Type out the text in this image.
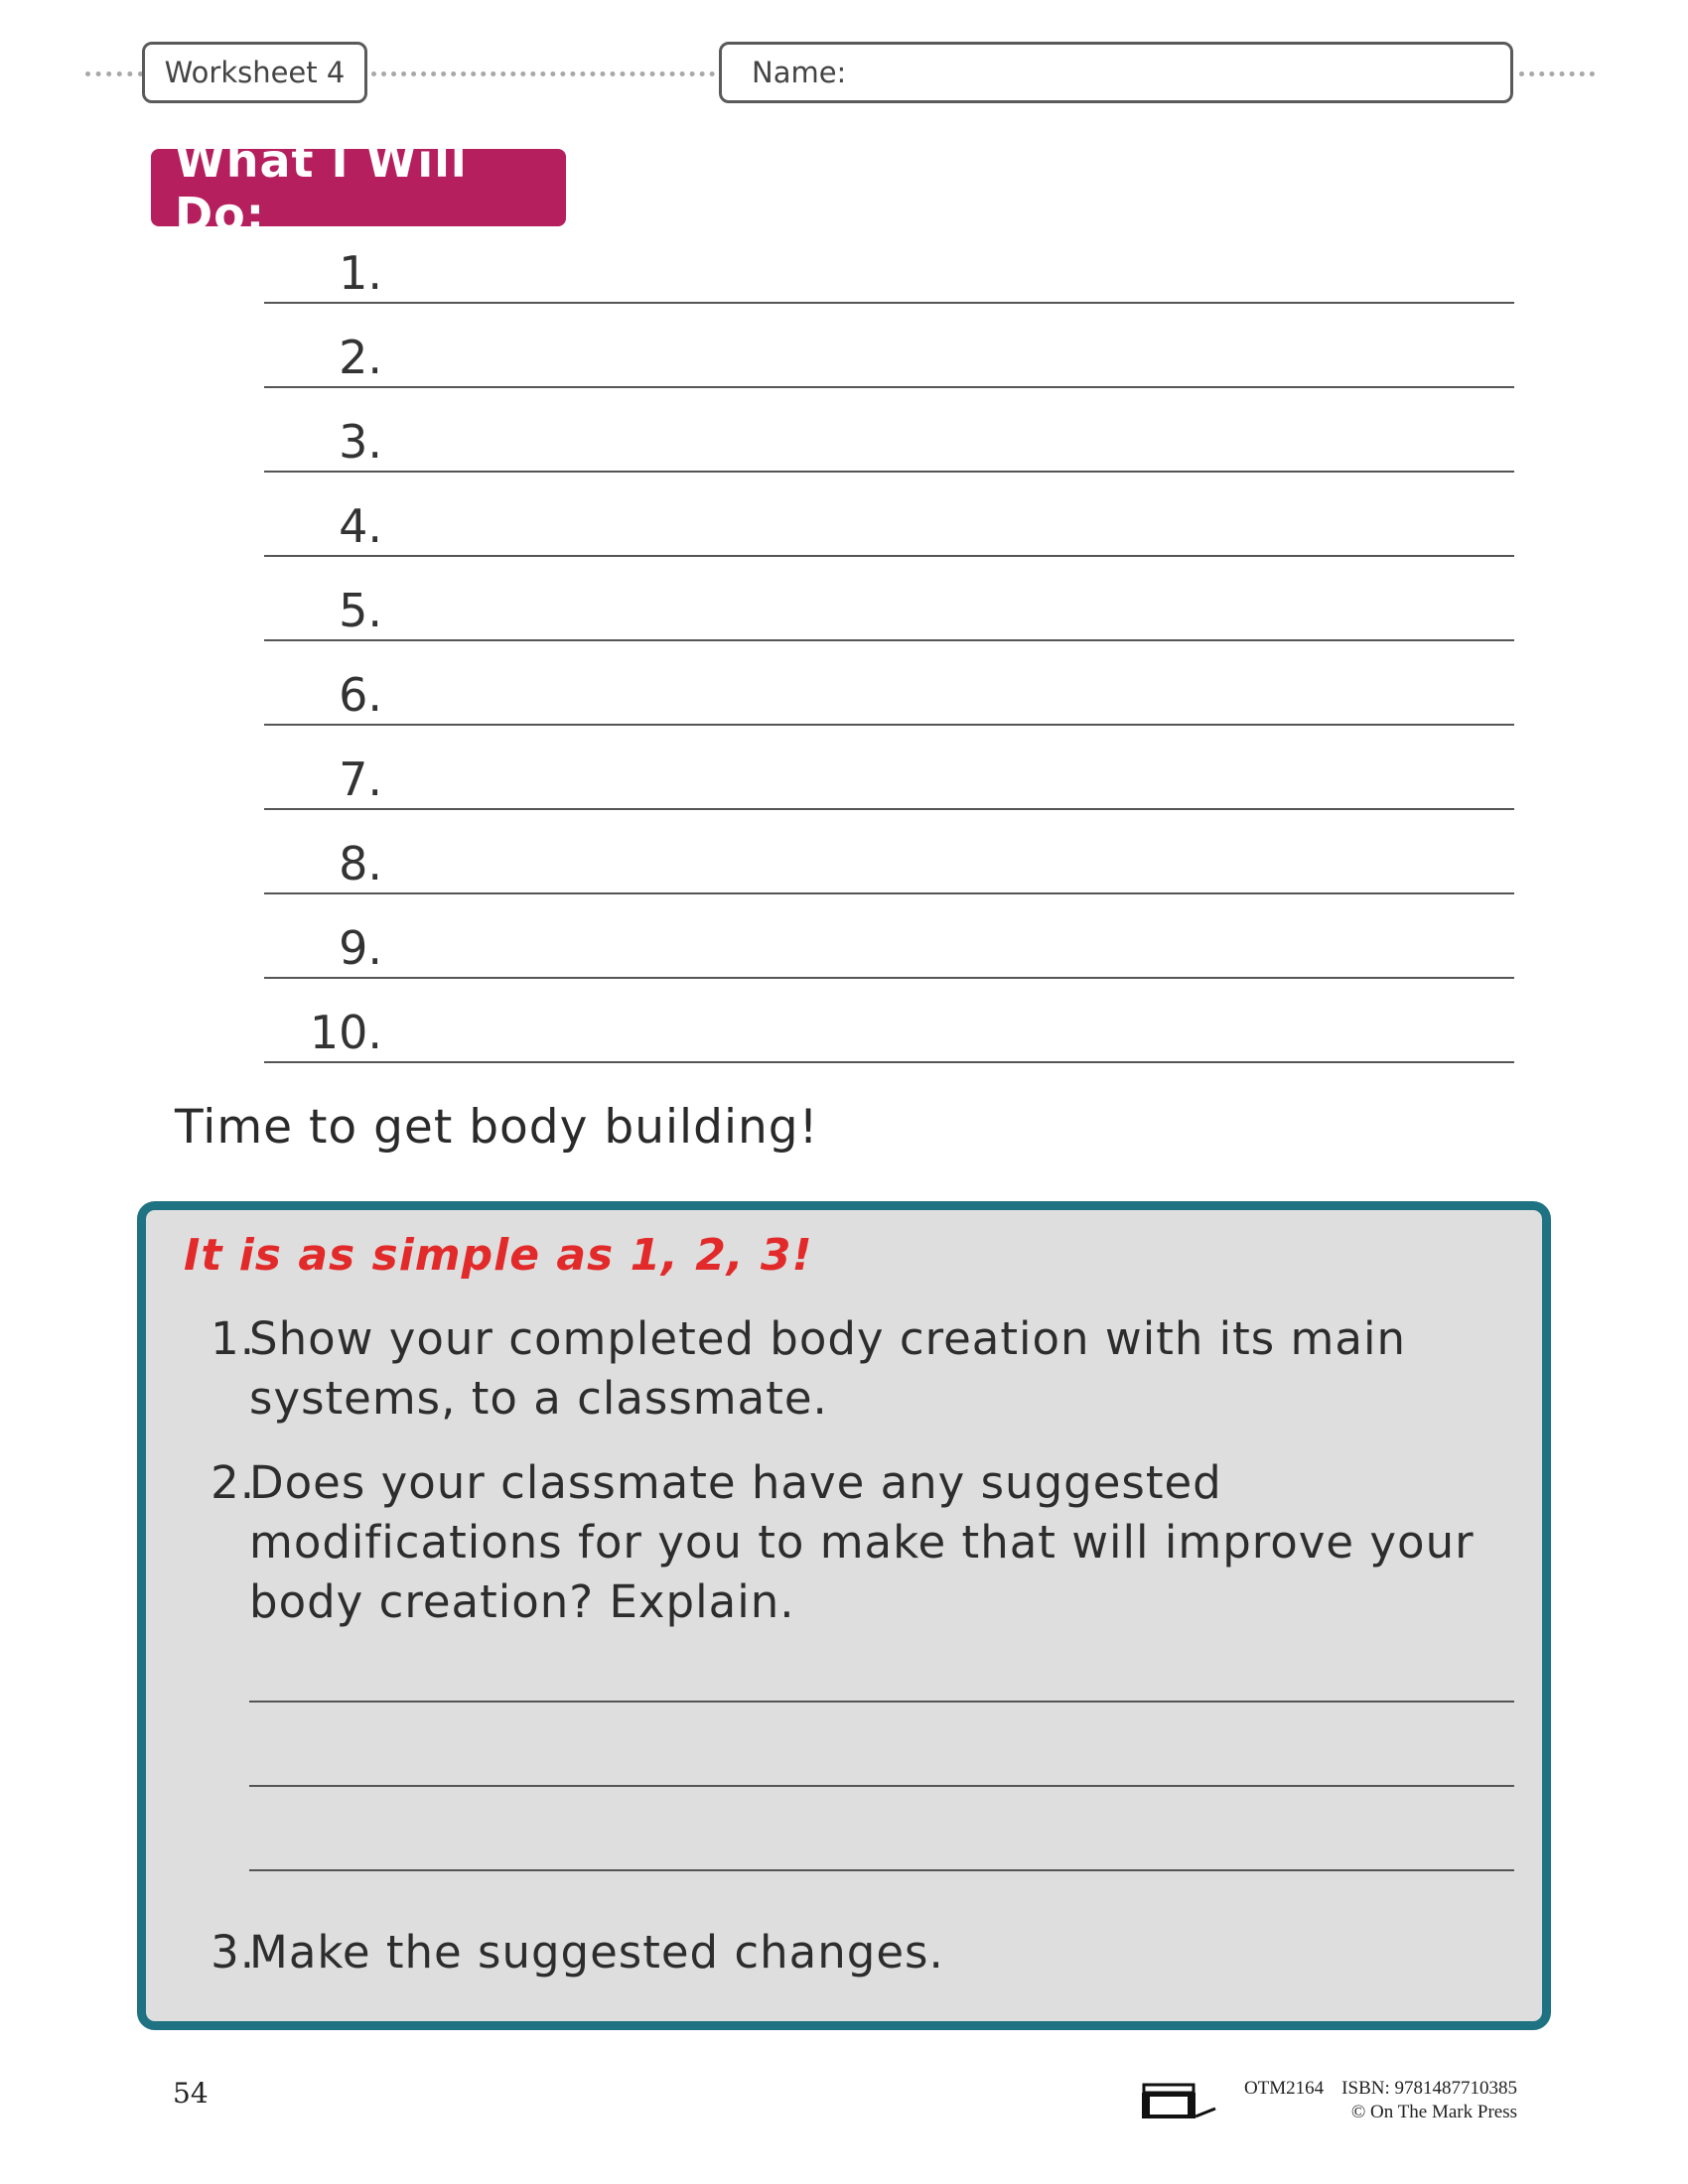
Worksheet 4	Name:
What I Will Do:
1.
2.
3.
4.
5.
6.
7.
8.
9.
10.
Time to get body building!
It is as simple as 1, 2, 3!
1.
Show your completed body creation with its main systems, to a classmate.
2.
Does your classmate have any suggested modifications for you to make that will improve your body creation? Explain.
3.
Make the suggested changes.
54	OTM2164 ISBN: 9781487710385
© On The Mark Press
